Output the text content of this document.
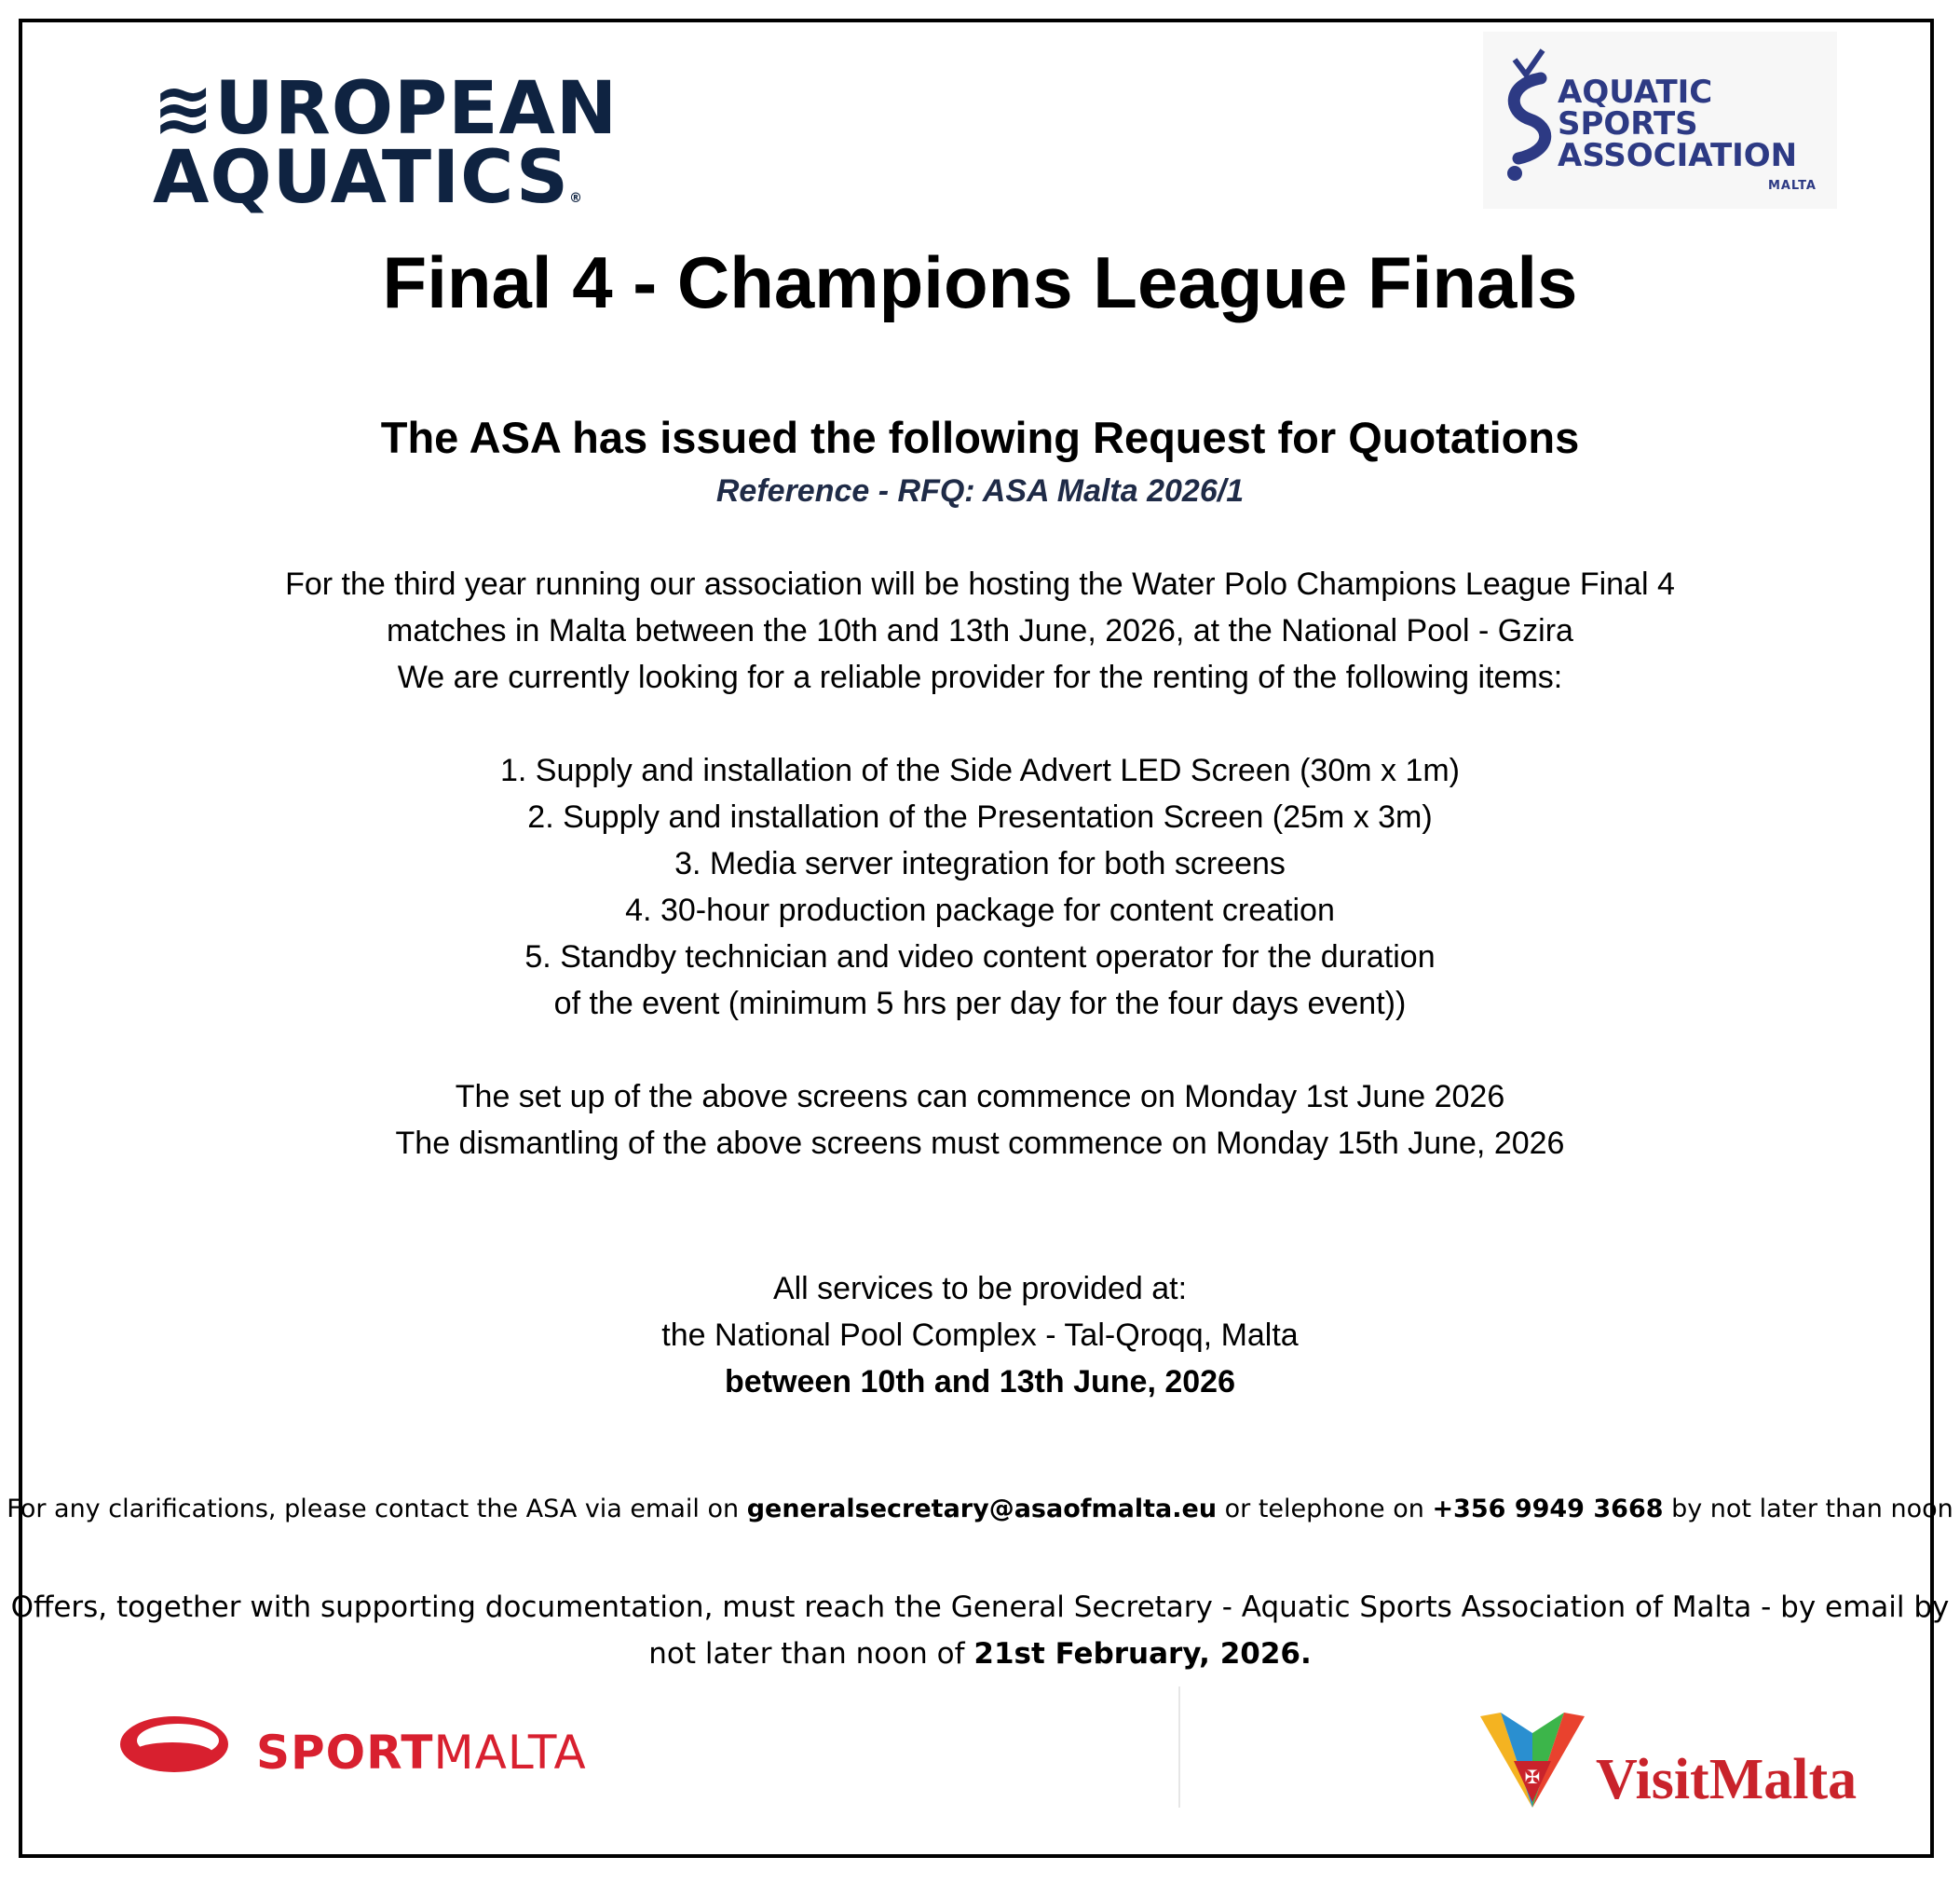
≋UROPEAN
AQUATICS®
AQUATIC
SPORTS
ASSOCIATION
MALTA
Final 4 - Champions League Finals
The ASA has issued the following Request for Quotations
Reference - RFQ: ASA Malta 2026/1
For the third year running our association will be hosting the Water Polo Champions League Final 4
matches in Malta between the 10th and 13th June, 2026, at the National Pool - Gzira
We are currently looking for a reliable provider for the renting of the following items:
1. Supply and installation of the Side Advert LED Screen (30m x 1m)
2. Supply and installation of the Presentation Screen (25m x 3m)
3. Media server integration for both screens
4. 30-hour production package for content creation
5. Standby technician and video content operator for the duration
of the event (minimum 5 hrs per day for the four days event))
The set up of the above screens can commence on Monday 1st June 2026
The dismantling of the above screens must commence on Monday 15th June, 2026
All services to be provided at:
the National Pool Complex - Tal-Qroqq, Malta
between 10th and 13th June, 2026
For any clarifications, please contact the ASA via email on generalsecretary@asaofmalta.eu or telephone on +356 9949 3668 by not later than noon
Offers, together with supporting documentation, must reach the General Secretary - Aquatic Sports Association of Malta - by email by
not later than noon of 21st February, 2026.
SPORTMALTA	✠ VisitMalta
